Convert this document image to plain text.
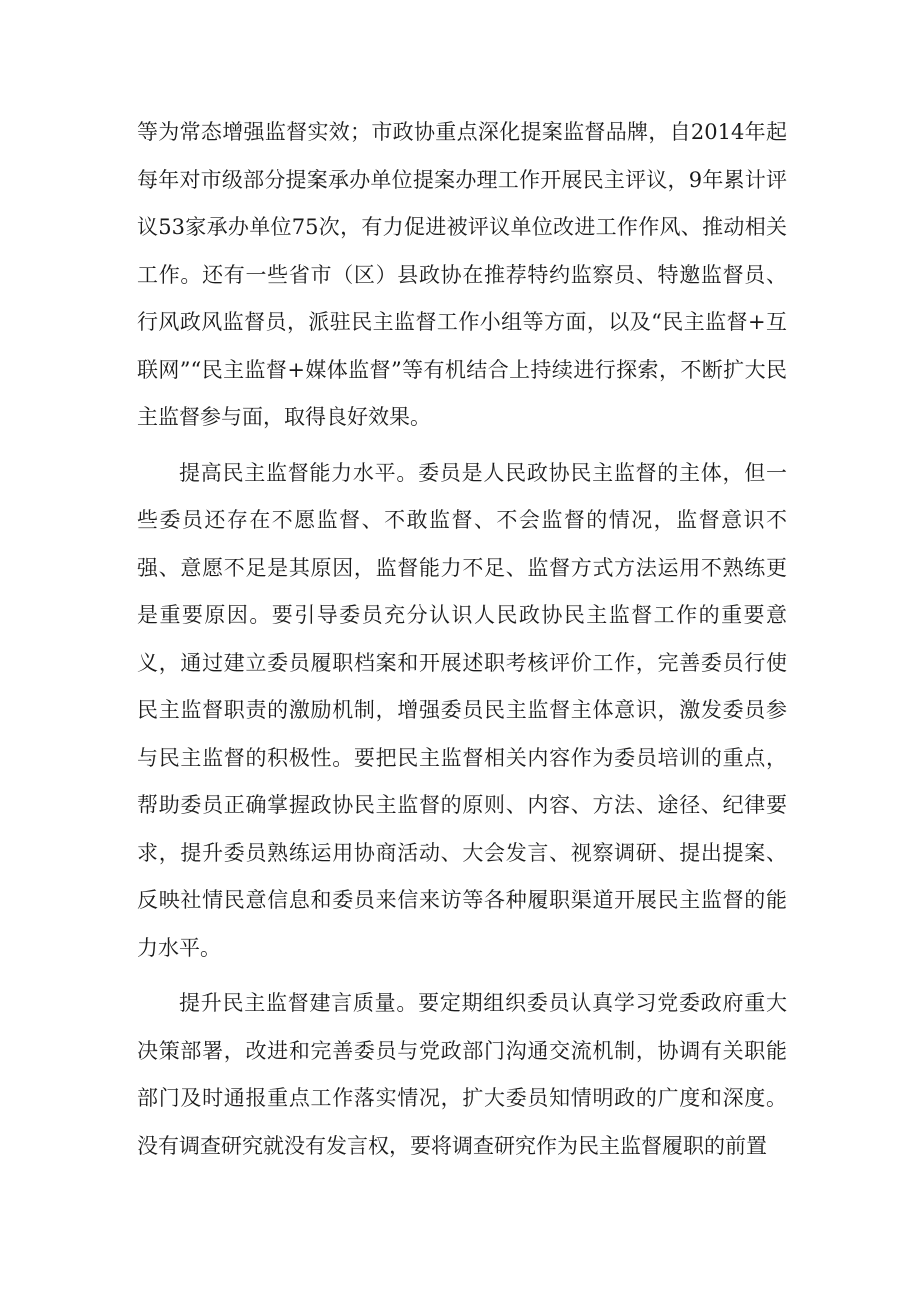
等为常态增强监督实效；市政协重点深化提案监督品牌，自2014年起每年对市级部分提案承办单位提案办理工作开展民主评议，9年累计评议53家承办单位75次，有力促进被评议单位改进工作作风、推动相关工作。还有一些省市（区）县政协在推荐特约监察员、特邀监督员、行风政风监督员，派驻民主监督工作小组等方面，以及“民主监督+互联网”“民主监督+媒体监督”等有机结合上持续进行探索，不断扩大民主监督参与面，取得良好效果。

提高民主监督能力水平。委员是人民政协民主监督的主体，但一些委员还存在不愿监督、不敢监督、不会监督的情况，监督意识不强、意愿不足是其原因，监督能力不足、监督方式方法运用不熟练更是重要原因。要引导委员充分认识人民政协民主监督工作的重要意义，通过建立委员履职档案和开展述职考核评价工作，完善委员行使民主监督职责的激励机制，增强委员民主监督主体意识，激发委员参与民主监督的积极性。要把民主监督相关内容作为委员培训的重点，帮助委员正确掌握政协民主监督的原则、内容、方法、途径、纪律要求，提升委员熟练运用协商活动、大会发言、视察调研、提出提案、反映社情民意信息和委员来信来访等各种履职渠道开展民主监督的能力水平。

提升民主监督建言质量。要定期组织委员认真学习党委政府重大决策部署，改进和完善委员与党政部门沟通交流机制，协调有关职能部门及时通报重点工作落实情况，扩大委员知情明政的广度和深度。没有调查研究就没有发言权，要将调查研究作为民主监督履职的前置
